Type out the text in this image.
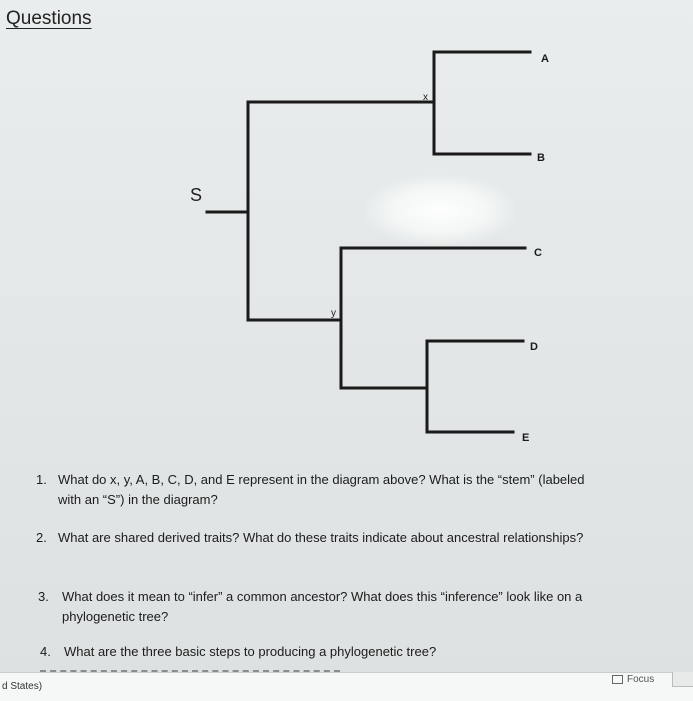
Questions
A
B
C
D
E
x
y
S
1. What do x, y, A, B, C, D, and E represent in the diagram above? What is the “stem” (labeled
with an “S”) in the diagram?
2. What are shared derived traits? What do these traits indicate about ancestral relationships?
3. What does it mean to “infer” a common ancestor? What does this “inference” look like on a
phylogenetic tree?
4. What are the three basic steps to producing a phylogenetic tree?
d States)
Focus
